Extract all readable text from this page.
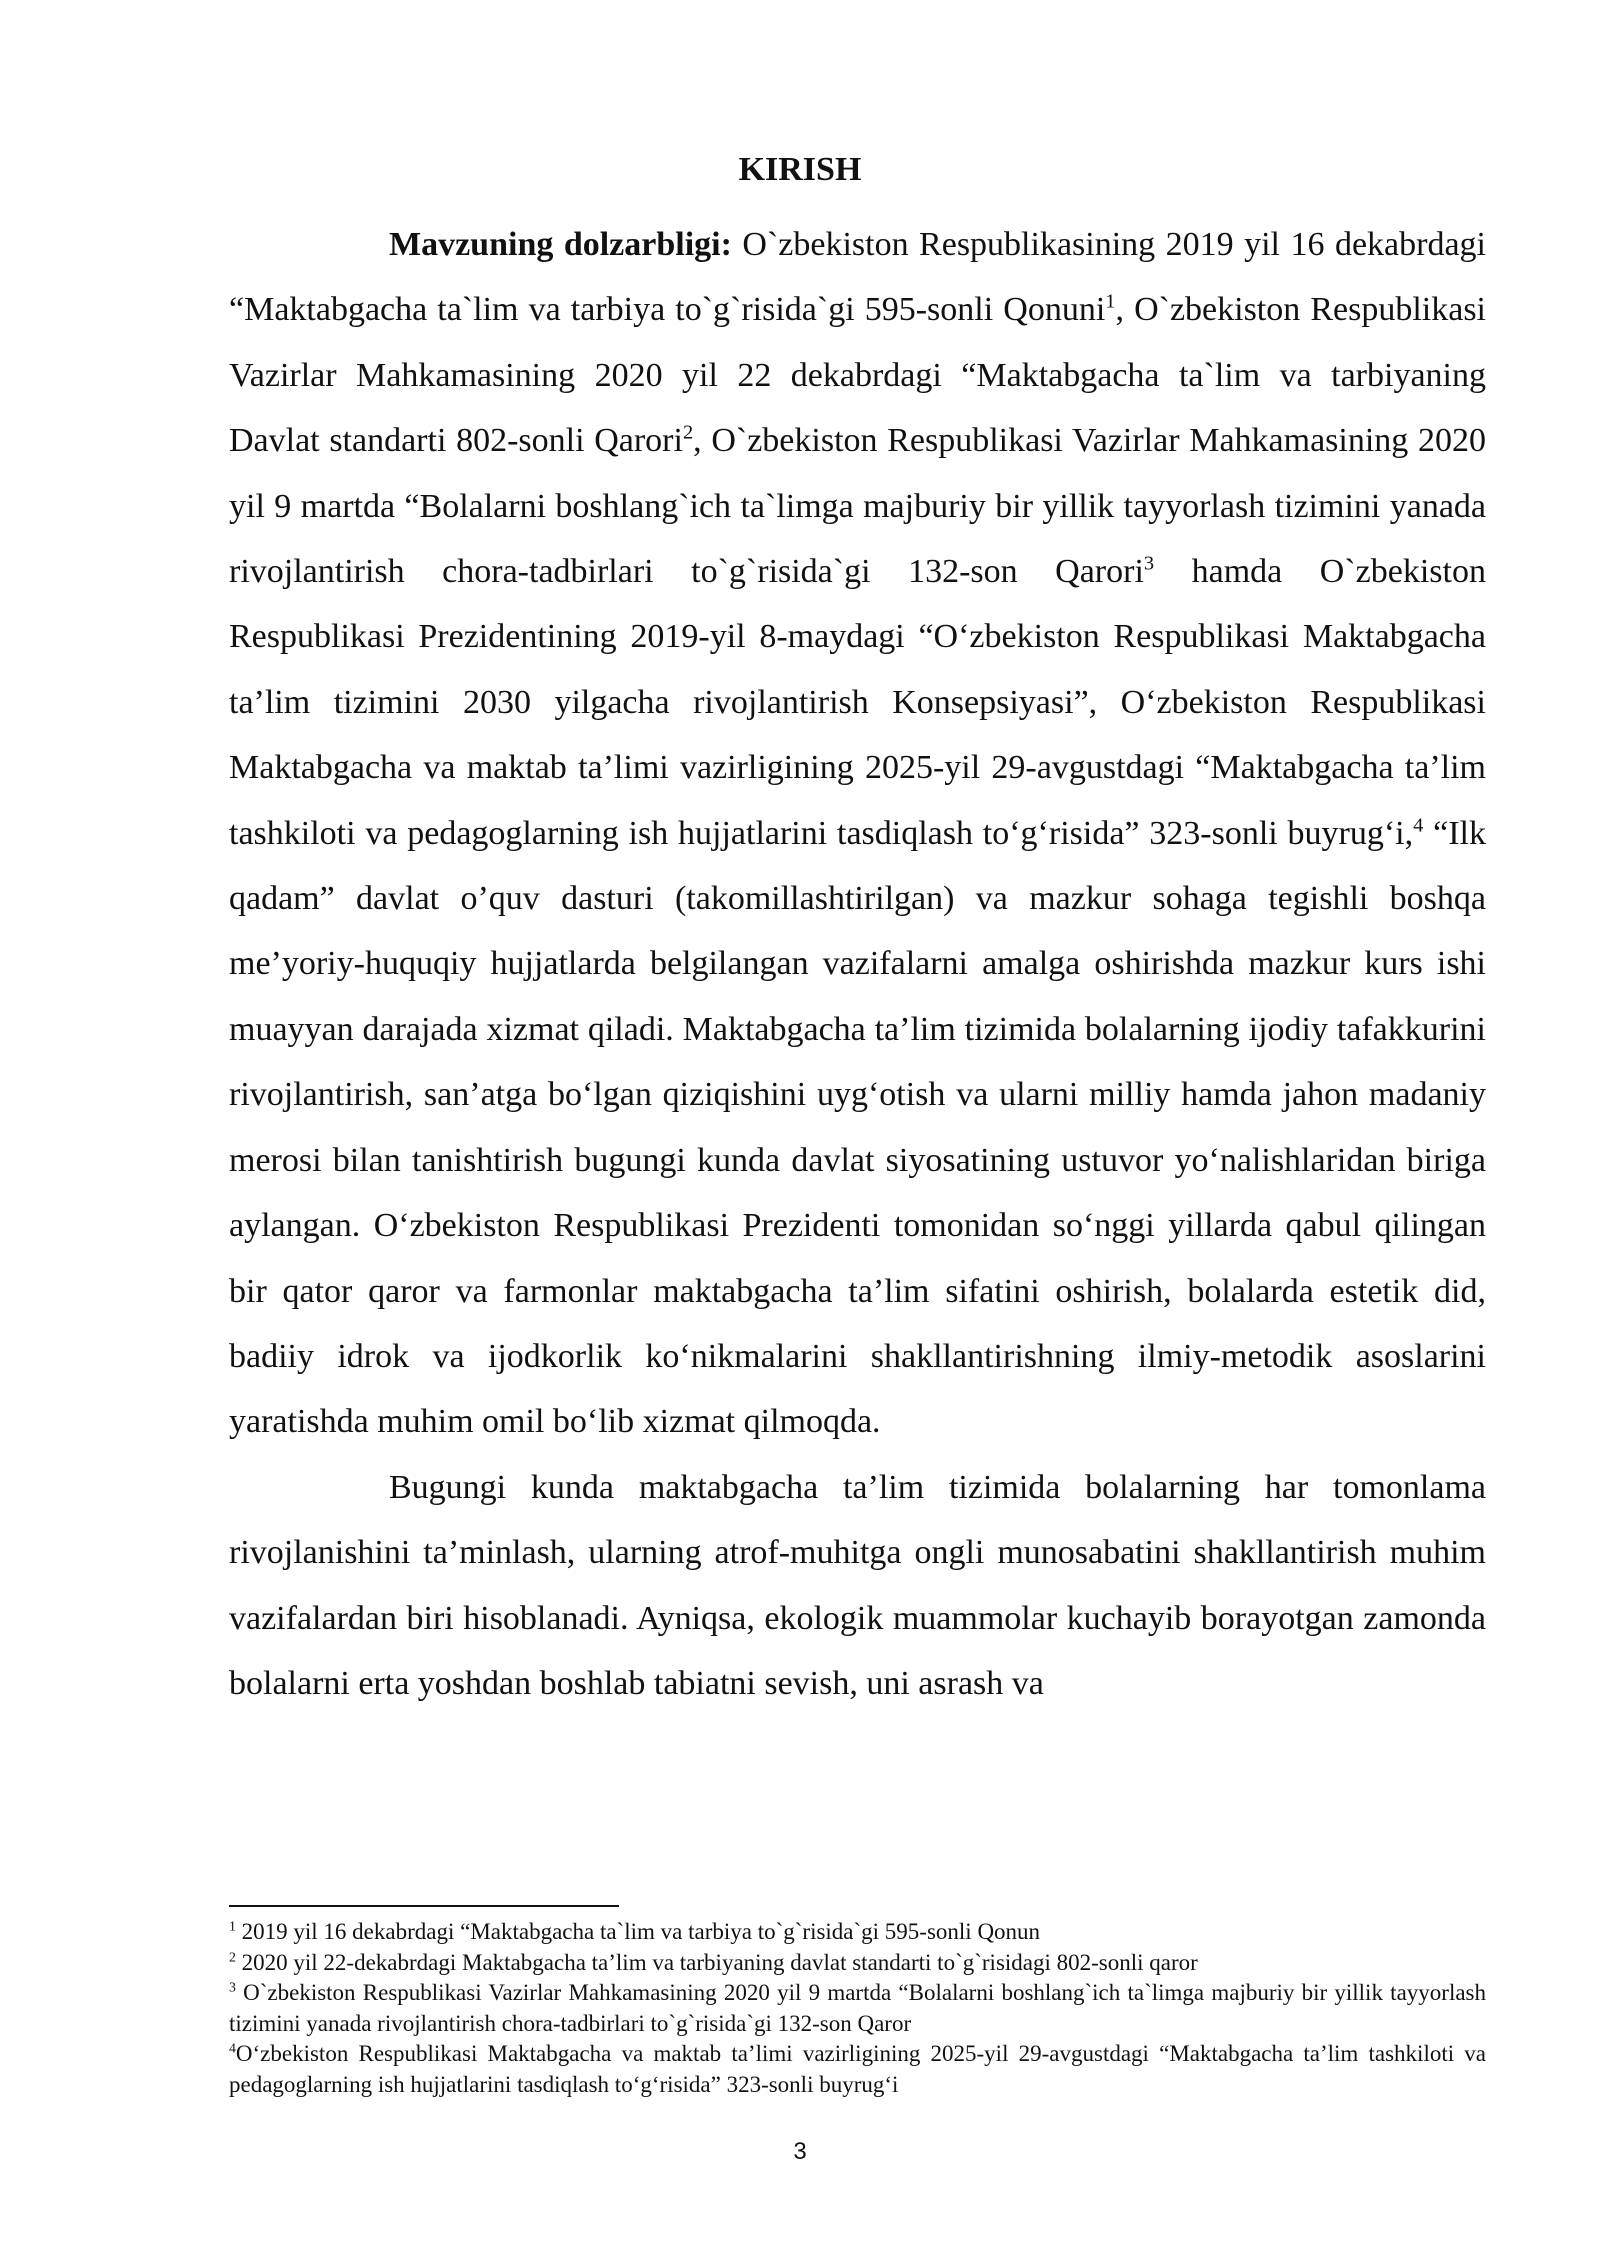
KIRISH

Mavzuning dolzarbligi: O`zbekiston Respublikasining 2019 yil 16 dekabrdagi “Maktabgacha ta`lim va tarbiya to`g`risida`gi 595-sonli Qonuni$^1$, O`zbekiston Respublikasi Vazirlar Mahkamasining 2020 yil 22 dekabrdagi “Maktabgacha ta`lim va tarbiyaning Davlat standarti 802-sonli Qarori$^2$, O`zbekiston Respublikasi Vazirlar Mahkamasining 2020 yil 9 martda “Bolalarni boshlang`ich ta`limga majburiy bir yillik tayyorlash tizimini yanada rivojlantirish chora-tadbirlari to`g`risida`gi 132-son Qarori$^3$ hamda O`zbekiston Respublikasi Prezidentining 2019-yil 8-maydagi “O‘zbekiston Respublikasi Maktabgacha ta’lim tizimini 2030 yilgacha rivojlantirish Konsepsiyasi”, O‘zbekiston Respublikasi Maktabgacha va maktab ta’limi vazirligining 2025-yil 29-avgustdagi “Maktabgacha ta’lim tashkiloti va pedagoglarning ish hujjatlarini tasdiqlash to‘g‘risida” 323-sonli buyrug‘i,$^4$ “Ilk qadam” davlat o’quv dasturi (takomillashtirilgan) va mazkur sohaga tegishli boshqa me’yoriy-huquqiy hujjatlarda belgilangan vazifalarni amalga oshirishda mazkur kurs ishi muayyan darajada xizmat qiladi. Maktabgacha ta’lim tizimida bolalarning ijodiy tafakkurini rivojlantirish, san’atga bo‘lgan qiziqishini uyg‘otish va ularni milliy hamda jahon madaniy merosi bilan tanishtirish bugungi kunda davlat siyosatining ustuvor yo‘nalishlaridan biriga aylangan. O‘zbekiston Respublikasi Prezidenti tomonidan so‘nggi yillarda qabul qilingan bir qator qaror va farmonlar maktabgacha ta’lim sifatini oshirish, bolalarda estetik did, badiiy idrok va ijodkorlik ko‘nikmalarini shakllantirishning ilmiy-metodik asoslarini yaratishda muhim omil bo‘lib xizmat qilmoqda.

Bugungi kunda maktabgacha ta’lim tizimida bolalarning har tomonlama rivojlanishini ta’minlash, ularning atrof-muhitga ongli munosabatini shakllantirish muhim vazifalardan biri hisoblanadi. Ayniqsa, ekologik muammolar kuchayib borayotgan zamonda bolalarni erta yoshdan boshlab tabiatni sevish, uni asrash va

$^1$ 2019 yil 16 dekabrdagi “Maktabgacha ta`lim va tarbiya to`g`risida`gi 595-sonli Qonun

$^2$ 2020 yil 22-dekabrdagi Maktabgacha ta’lim va tarbiyaning davlat standarti to`g`risidagi 802-sonli qaror

$^3$ O`zbekiston Respublikasi Vazirlar Mahkamasining 2020 yil 9 martda “Bolalarni boshlang`ich ta`limga majburiy bir yillik tayyorlash tizimini yanada rivojlantirish chora-tadbirlari to`g`risida`gi 132-son Qaror

$^4$O‘zbekiston Respublikasi Maktabgacha va maktab ta’limi vazirligining 2025-yil 29-avgustdagi “Maktabgacha ta’lim tashkiloti va pedagoglarning ish hujjatlarini tasdiqlash to‘g‘risida” 323-sonli buyrug‘i

3
